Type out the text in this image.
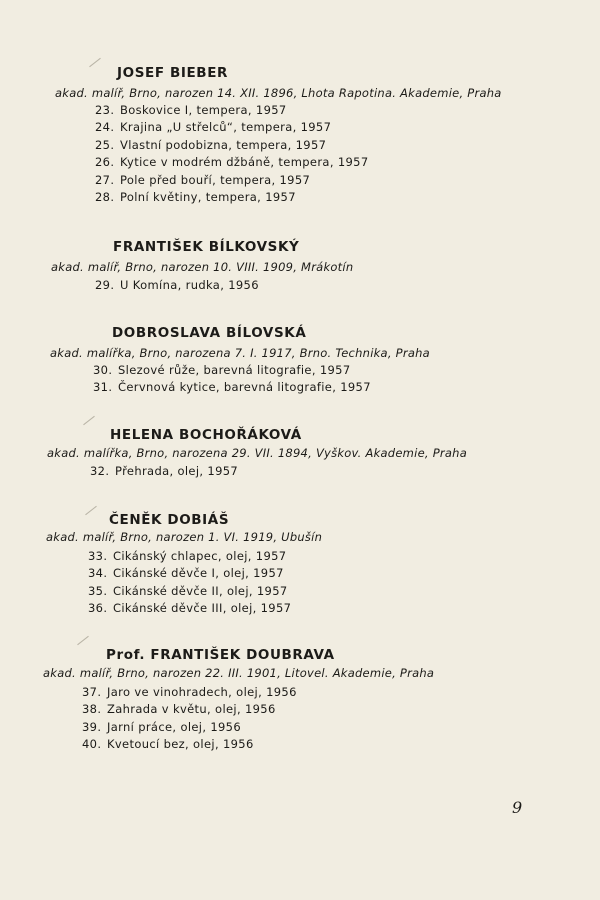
JOSEF BIEBER
akad. malíř, Brno, narozen 14. XII. 1896, Lhota Rapotina. Akademie, Praha
23. Boskovice I, tempera, 1957
24. Krajina „U střelců“, tempera, 1957
25. Vlastní podobizna, tempera, 1957
26. Kytice v modrém džbáně, tempera, 1957
27. Pole před bouří, tempera, 1957
28. Polní květiny, tempera, 1957
FRANTIŠEK BÍLKOVSKÝ
akad. malíř, Brno, narozen 10. VIII. 1909, Mrákotín
29. U Komína, rudka, 1956
DOBROSLAVA BÍLOVSKÁ
akad. malířka, Brno, narozena 7. I. 1917, Brno. Technika, Praha
30. Slezové růže, barevná litografie, 1957
31. Červnová kytice, barevná litografie, 1957
HELENA BOCHOŘÁKOVÁ
akad. malířka, Brno, narozena 29. VII. 1894, Vyškov. Akademie, Praha
32. Přehrada, olej, 1957
ČENĚK DOBIÁŠ
akad. malíř, Brno, narozen 1. VI. 1919, Ubušín
33. Cikánský chlapec, olej, 1957
34. Cikánské děvče I, olej, 1957
35. Cikánské děvče II, olej, 1957
36. Cikánské děvče III, olej, 1957
Prof. FRANTIŠEK DOUBRAVA
akad. malíř, Brno, narozen 22. III. 1901, Litovel. Akademie, Praha
37. Jaro ve vinohradech, olej, 1956
38. Zahrada v květu, olej, 1956
39. Jarní práce, olej, 1956
40. Kvetoucí bez, olej, 1956
9
